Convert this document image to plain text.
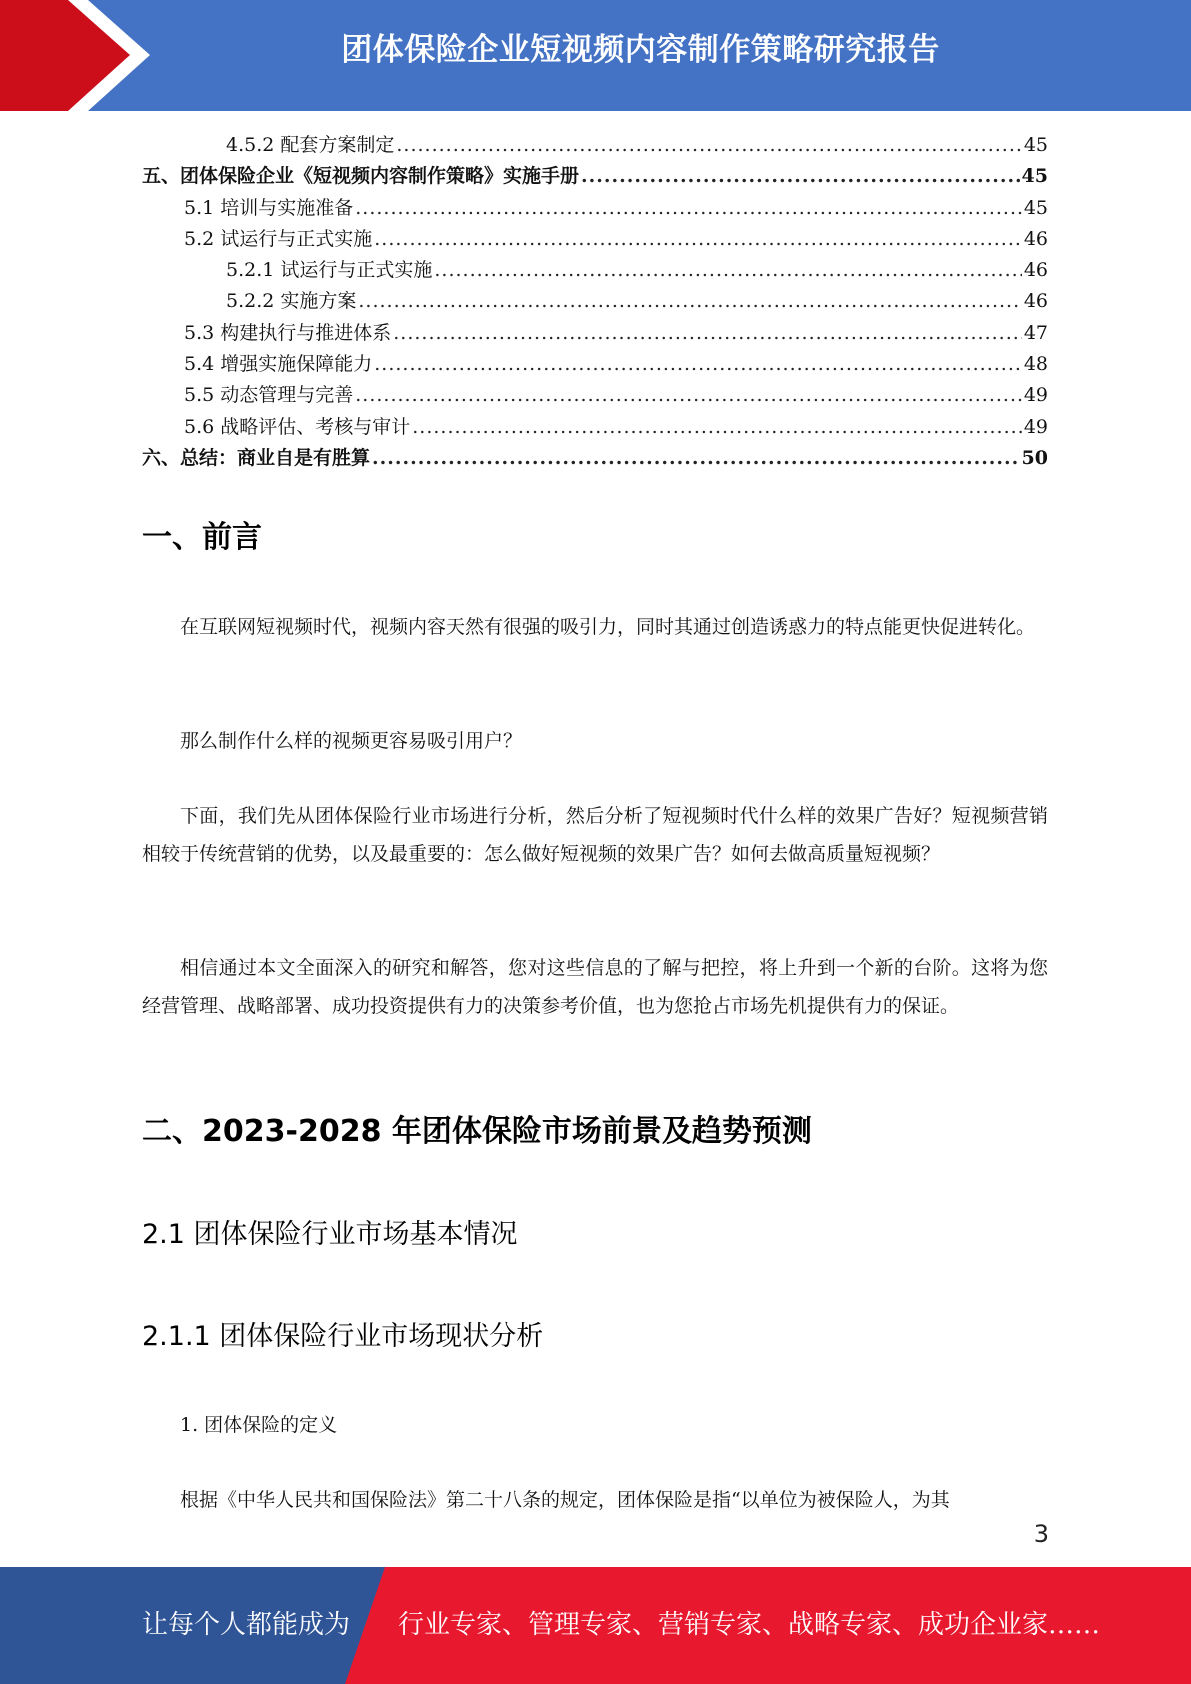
团体保险企业短视频内容制作策略研究报告
4.5.2 配套方案制定 .....	45
五、团体保险企业《短视频内容制作策略》实施手册 .....	45
5.1 培训与实施准备 .....	45
5.2 试运行与正式实施 .....	46
5.2.1 试运行与正式实施 .....	46
5.2.2 实施方案 .....	46
5.3 构建执行与推进体系 .....	47
5.4 增强实施保障能力 .....	48
5.5 动态管理与完善 .....	49
5.6 战略评估、考核与审计 .....	49
六、总结：商业自是有胜算 .....	50
一、前言
在互联网短视频时代，视频内容天然有很强的吸引力，同时其通过创造诱惑力的特点能更快促进转化。
那么制作什么样的视频更容易吸引用户？
下面，我们先从团体保险行业市场进行分析，然后分析了短视频时代什么样的效果广告好？短视频营销相较于传统营销的优势，以及最重要的：怎么做好短视频的效果广告？如何去做高质量短视频？
相信通过本文全面深入的研究和解答，您对这些信息的了解与把控，将上升到一个新的台阶。这将为您经营管理、战略部署、成功投资提供有力的决策参考价值，也为您抢占市场先机提供有力的保证。
二、2023-2028 年团体保险市场前景及趋势预测
2.1 团体保险行业市场基本情况
2.1.1 团体保险行业市场现状分析
1. 团体保险的定义
根据《中华人民共和国保险法》第二十八条的规定，团体保险是指“以单位为被保险人，为其
3
让每个人都能成为 行业专家、管理专家、营销专家、战略专家、成功企业家……
